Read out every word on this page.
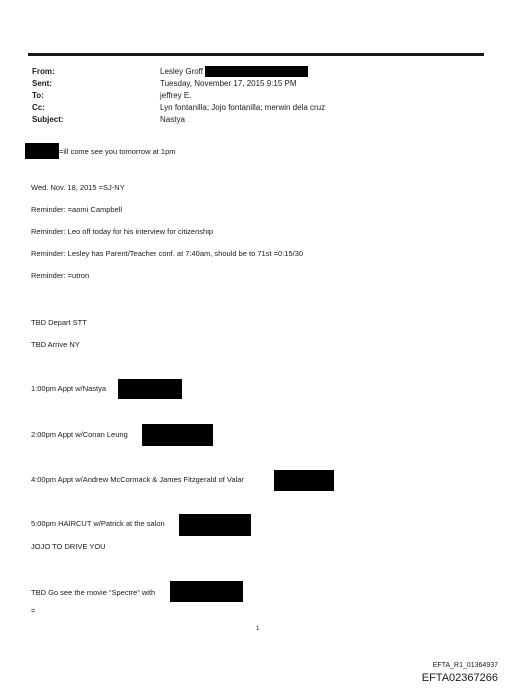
From:
Sent:
To:
Cc:
Subject:
Lesley Groff
Tuesday, November 17, 2015 9:15 PM
jeffrey E.
Lyn fontanilla; Jojo fontanilla; merwin dela cruz
Nastya
=ill come see you tomorrow at 1pm
Wed. Nov. 18, 2015 =SJ-NY
Reminder: =aomi Campbell
Reminder: Leo off today for his interview for citizenship
Reminder: Lesley has Parent/Teacher conf. at 7:40am, should be to 71st =0:15/30
Reminder: =utron
TBD Depart STT
TBD Arrive NY
1:00pm Appt w/Nastya
2:00pm Appt w/Conan Leung
4:00pm Appt w/Andrew McCormack & James Fitzgerald of Valar
5:00pm HAIRCUT w/Patrick at the salon
JOJO TO DRIVE YOU
TBD Go see the movie “Spectre” with
=
1
EFTA_R1_01364937
EFTA02367266
